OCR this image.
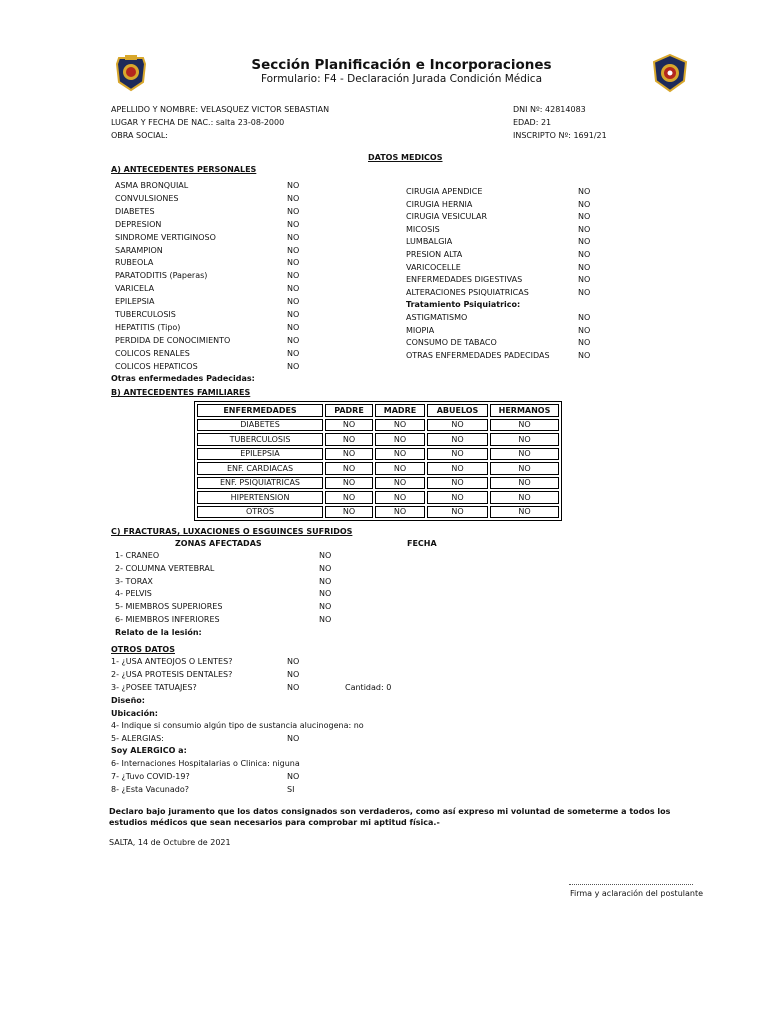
Sección Planificación e Incorporaciones
Formulario: F4 - Declaración Jurada Condición Médica
APELLIDO Y NOMBRE: VELASQUEZ VICTOR SEBASTIAN
LUGAR Y FECHA DE NAC.: salta 23-08-2000
OBRA SOCIAL:
DNI Nº: 42814083
EDAD: 21
INSCRIPTO Nº: 1691/21
DATOS MEDICOS
A) ANTECEDENTES PERSONALES
ASMA BRONQUIAL	NO
CONVULSIONES	NO
DIABETES	NO
DEPRESION	NO
SINDROME VERTIGINOSO	NO
SARAMPION	NO
RUBEOLA	NO
PARATODITIS (Paperas)	NO
VARICELA	NO
EPILEPSIA	NO
TUBERCULOSIS	NO
HEPATITIS (Tipo)	NO
PERDIDA DE CONOCIMIENTO	NO
COLICOS RENALES	NO
COLICOS HEPATICOS	NO
CIRUGIA APENDICE	NO
CIRUGIA HERNIA	NO
CIRUGIA VESICULAR	NO
MICOSIS	NO
LUMBALGIA	NO
PRESION ALTA	NO
VARICOCELLE	NO
ENFERMEDADES DIGESTIVAS	NO
ALTERACIONES PSIQUIATRICAS	NO
Tratamiento Psiquiatrico:
ASTIGMATISMO	NO
MIOPIA	NO
CONSUMO DE TABACO	NO
OTRAS ENFERMEDADES PADECIDAS	NO
Otras enfermedades Padecidas:
B) ANTECEDENTES FAMILIARES
ENFERMEDADES	PADRE	MADRE	ABUELOS	HERMANOS
DIABETES	NO	NO	NO	NO
TUBERCULOSIS	NO	NO	NO	NO
EPILEPSIA	NO	NO	NO	NO
ENF. CARDIACAS	NO	NO	NO	NO
ENF. PSIQUIATRICAS	NO	NO	NO	NO
HIPERTENSION	NO	NO	NO	NO
OTROS	NO	NO	NO	NO
C) FRACTURAS, LUXACIONES O ESGUINCES SUFRIDOS
ZONAS AFECTADAS	FECHA
1- CRANEO	NO
2- COLUMNA VERTEBRAL	NO
3- TORAX	NO
4- PELVIS	NO
5- MIEMBROS SUPERIORES	NO
6- MIEMBROS INFERIORES	NO
Relato de la lesión:
OTROS DATOS
1- ¿USA ANTEOJOS O LENTES?	NO
2- ¿USA PROTESIS DENTALES?	NO
3- ¿POSEE TATUAJES?	NO	Cantidad: 0
Diseño:
Ubicación:
4- Indique si consumio algún tipo de sustancia alucinogena: no
5- ALERGIAS:	NO
Soy ALERGICO a:
6- Internaciones Hospitalarias o Clinica: niguna
7- ¿Tuvo COVID-19?	NO
8- ¿Esta Vacunado?	SI
Declaro bajo juramento que los datos consignados son verdaderos, como así expreso mi voluntad de someterme a todos los estudios médicos que sean necesarios para comprobar mi aptitud física.-
SALTA, 14 de Octubre de 2021
Firma y aclaración del postulante
